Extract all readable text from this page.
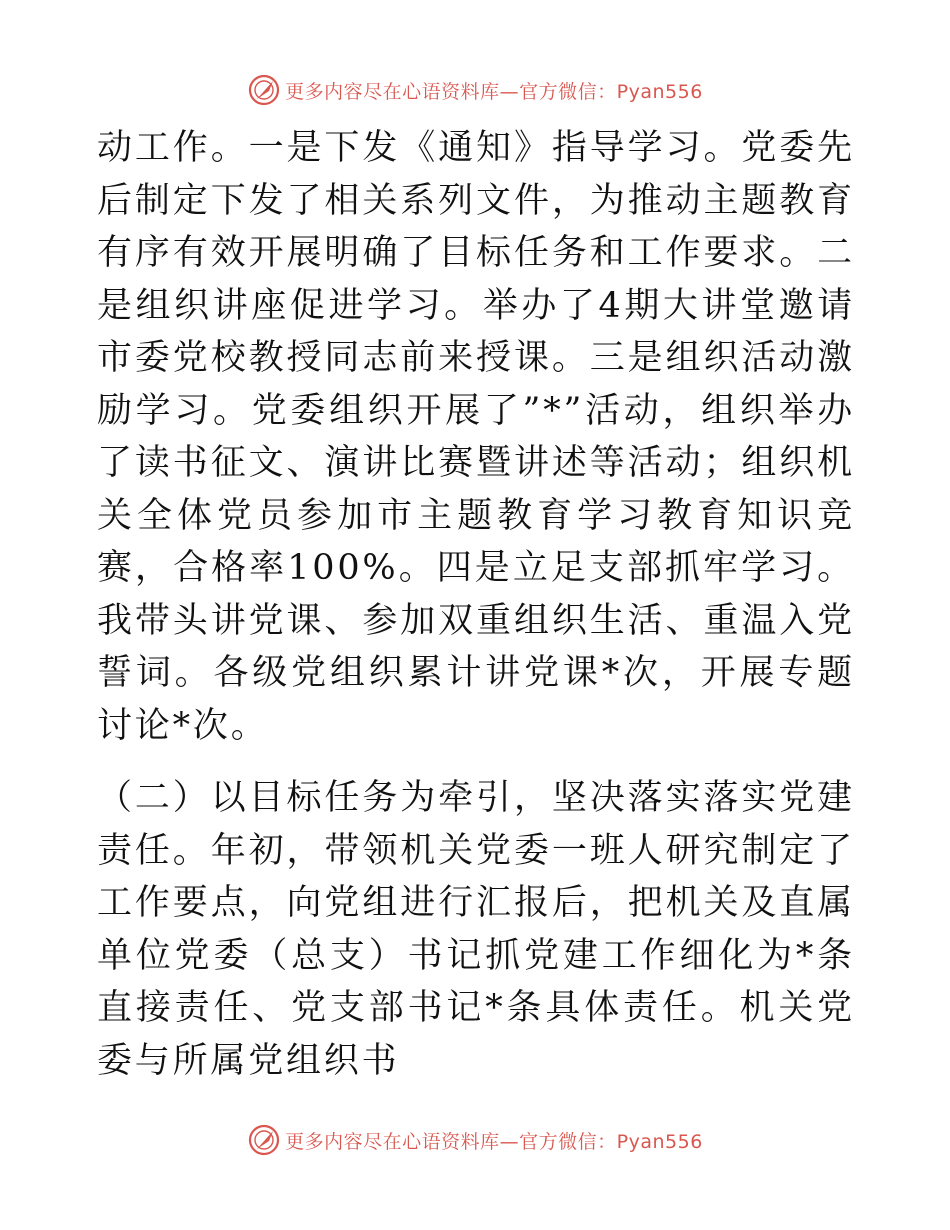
更多内容尽在心语资料库—官方微信：Pyan556

动工作。一是下发《通知》指导学习。党委先后制定下发了相关系列文件，为推动主题教育有序有效开展明确了目标任务和工作要求。二是组织讲座促进学习。举办了4期大讲堂邀请市委党校教授同志前来授课。三是组织活动激励学习。党委组织开展了”*”活动，组织举办了读书征文、演讲比赛暨讲述等活动；组织机关全体党员参加市主题教育学习教育知识竞赛，合格率100%。四是立足支部抓牢学习。我带头讲党课、参加双重组织生活、重温入党誓词。各级党组织累计讲党课*次，开展专题讨论*次。

（二）以目标任务为牵引，坚决落实落实党建责任。年初，带领机关党委一班人研究制定了工作要点，向党组进行汇报后，把机关及直属单位党委（总支）书记抓党建工作细化为*条直接责任、党支部书记*条具体责任。机关党委与所属党组织书

更多内容尽在心语资料库—官方微信：Pyan556
